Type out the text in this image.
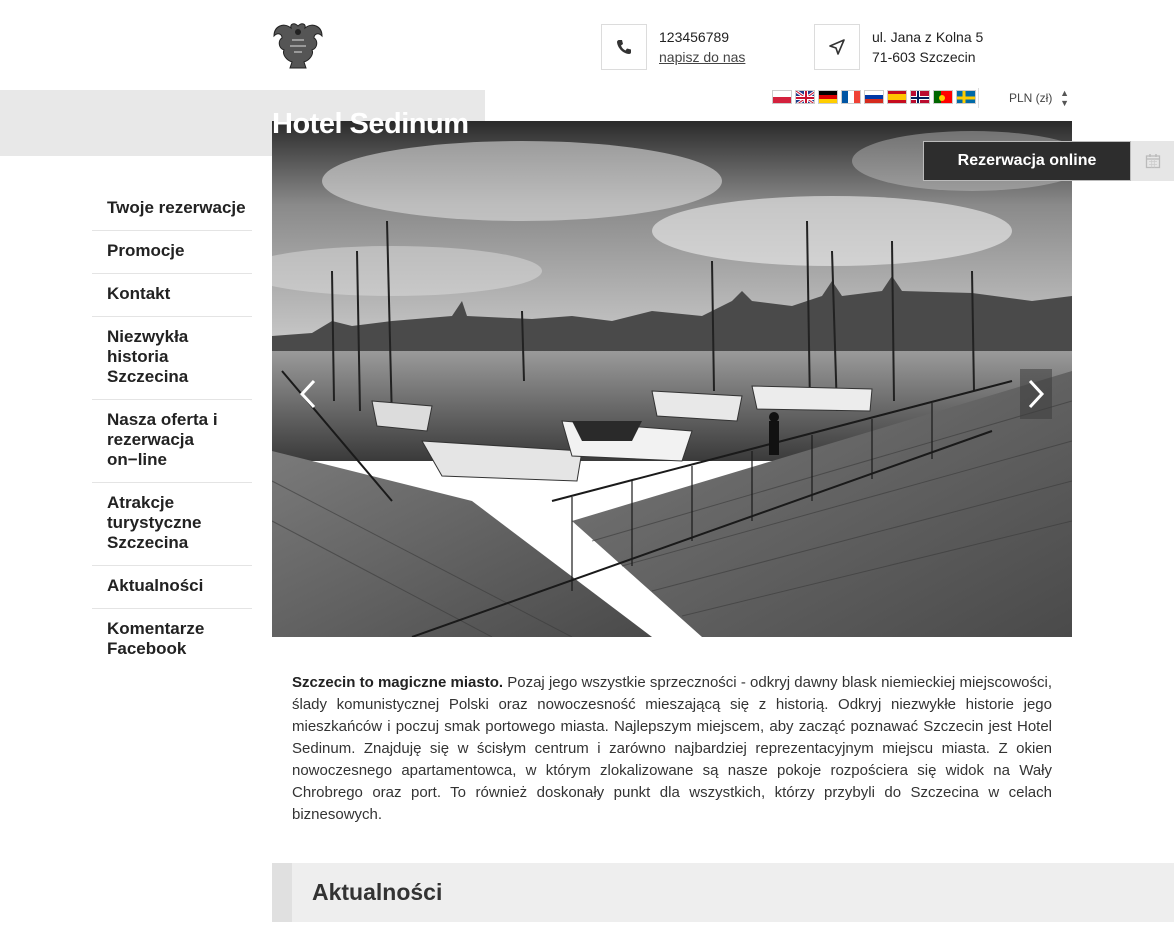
123456789
napisz do nas
ul. Jana z Kolna 5
71-603 Szczecin
PLN (zł) ▲
▼
Hotel Sedinum
Rezerwacja online
Twoje rezerwacje
Promocje
Kontakt
Niezwykła historia Szczecina
Nasza oferta i rezerwacja on−line
Atrakcje turystyczne Szczecina
Aktualności
Komentarze Facebook
Szczecin to magiczne miasto. Pozaj jego wszystkie sprzeczności - odkryj dawny blask niemieckiej miejscowości, ślady komunistycznej Polski oraz nowoczesność mieszającą się z historią. Odkryj niezwykłe historie jego mieszkańców i poczuj smak portowego miasta. Najlepszym miejscem, aby zacząć poznawać Szczecin jest Hotel Sedinum. Znajduję się w ścisłym centrum i zarówno najbardziej reprezentacyjnym miejscu miasta. Z okien nowoczesnego apartamentowca, w którym zlokalizowane są nasze pokoje rozpościera się widok na Wały Chrobrego oraz port. To również doskonały punkt dla wszystkich, którzy przybyli do Szczecina w celach biznesowych.
Aktualności
